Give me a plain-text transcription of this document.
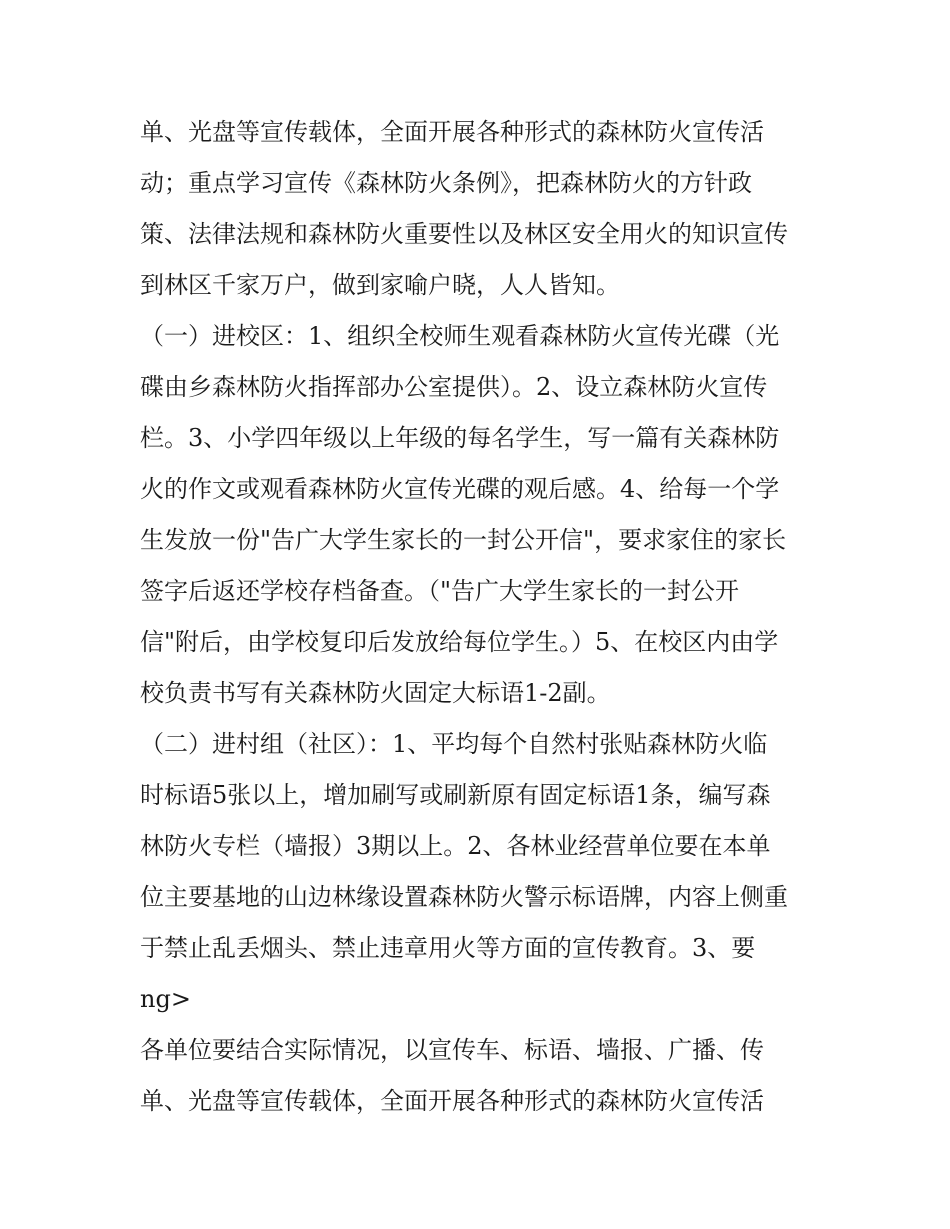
单、光盘等宣传载体，全面开展各种形式的森林防火宣传活
动；重点学习宣传《森林防火条例》，把森林防火的方针政
策、法律法规和森林防火重要性以及林区安全用火的知识宣传
到林区千家万户，做到家喻户晓，人人皆知。
（一）进校区：1、组织全校师生观看森林防火宣传光碟（光
碟由乡森林防火指挥部办公室提供）。2、设立森林防火宣传
栏。3、小学四年级以上年级的每名学生，写一篇有关森林防
火的作文或观看森林防火宣传光碟的观后感。4、给每一个学
生发放一份"告广大学生家长的一封公开信"，要求家住的家长
签字后返还学校存档备查。（"告广大学生家长的一封公开
信"附后，由学校复印后发放给每位学生。）5、在校区内由学
校负责书写有关森林防火固定大标语1-2副。
（二）进村组（社区）：1、平均每个自然村张贴森林防火临
时标语5张以上，增加刷写或刷新原有固定标语1条，编写森
林防火专栏（墙报）3期以上。2、各林业经营单位要在本单
位主要基地的山边林缘设置森林防火警示标语牌，内容上侧重
于禁止乱丢烟头、禁止违章用火等方面的宣传教育。3、要
ng>
各单位要结合实际情况，以宣传车、标语、墙报、广播、传
单、光盘等宣传载体，全面开展各种形式的森林防火宣传活
